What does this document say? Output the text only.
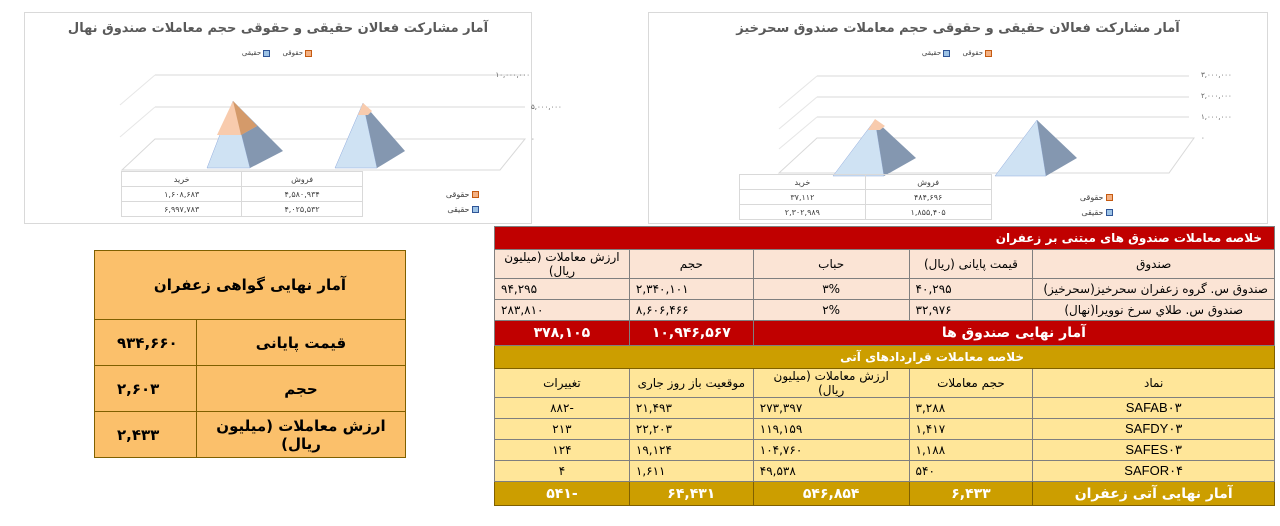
آمار مشارکت فعالان حقیقی و حقوقی حجم معاملات صندوق نهال
حقوقی حقیقی
۱۰,۰۰۰,۰۰۰
۵,۰۰۰,۰۰۰
۰
	فروش	خرید
حقوقی	۴,۵۸۰,۹۳۴	۱,۶۰۸,۶۸۳
حقیقی	۴,۰۲۵,۵۳۲	۶,۹۹۷,۷۸۳
آمار مشارکت فعالان حقیقی و حقوقی حجم معاملات صندوق سحرخیز
حقوقی حقیقی
۳,۰۰۰,۰۰۰
۲,۰۰۰,۰۰۰
۱,۰۰۰,۰۰۰
۰
	فروش	خرید
حقوقی	۴۸۴,۶۹۶	۳۷,۱۱۲
حقیقی	۱,۸۵۵,۴۰۵	۲,۳۰۲,۹۸۹
آمار نهایی گواهی زعفران	
قیمت پایانی	۹۳۴,۶۶۰
حجم	۲,۶۰۳
ارزش معاملات (میلیون ریال)	۲,۴۳۳
خلاصه معاملات صندوق های مبتنی بر زعفران				
صندوق	قیمت پایانی (ریال)	حباب	حجم	ارزش معاملات (میلیون ریال)
صندوق س. گروه زعفران سحرخیز(سحرخیز)	۴۰,۲۹۵	۳%	۲,۳۴۰,۱۰۱	۹۴,۲۹۵
صندوق س. طلاي سرخ نوويرا(نهال)	۳۲,۹۷۶	۲%	۸,۶۰۶,۴۶۶	۲۸۳,۸۱۰
آمار نهایی صندوق ها			۱۰,۹۴۶,۵۶۷	۳۷۸,۱۰۵
خلاصه معاملات قراردادهای آتی				
نماد	حجم معاملات	ارزش معاملات (میلیون ریال)	موقعیت باز روز جاری	تغییرات
SAFAB۰۳	۳,۲۸۸	۲۷۳,۳۹۷	۲۱,۴۹۳	-۸۸۲
SAFDY۰۳	۱,۴۱۷	۱۱۹,۱۵۹	۲۲,۲۰۳	۲۱۳
SAFES۰۳	۱,۱۸۸	۱۰۴,۷۶۰	۱۹,۱۲۴	۱۲۴
SAFOR۰۴	۵۴۰	۴۹,۵۳۸	۱,۶۱۱	۴
آمار نهایی آتی زعفران	۶,۴۳۳	۵۴۶,۸۵۴	۶۴,۴۳۱	-۵۴۱
